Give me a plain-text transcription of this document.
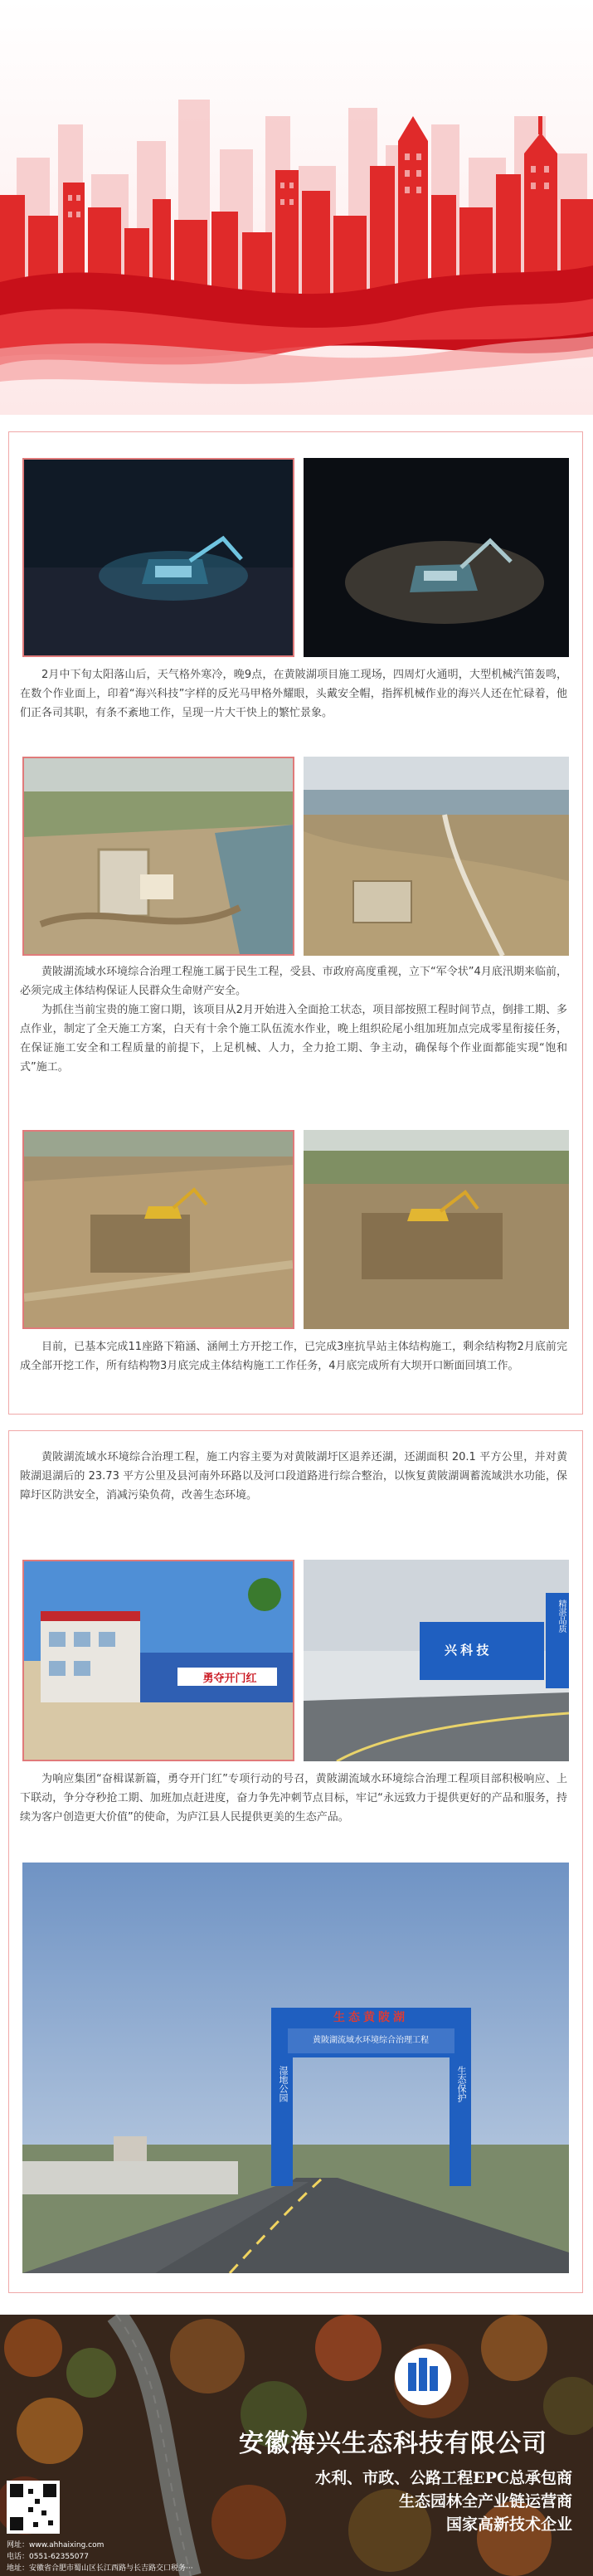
2月中下旬太阳落山后，天气格外寒冷，晚9点，在黄陂湖项目施工现场，四周灯火通明，大型机械汽笛轰鸣，在数个作业面上，印着“海兴科技”字样的反光马甲格外耀眼，头戴安全帽，指挥机械作业的海兴人还在忙碌着，他们正各司其职，有条不紊地工作，呈现一片大干快上的繁忙景象。

黄陂湖流域水环境综合治理工程施工属于民生工程，受县、市政府高度重视，立下“军令状”4月底汛期来临前，必须完成主体结构保证人民群众生命财产安全。

为抓住当前宝贵的施工窗口期，该项目从2月开始进入全面抢工状态，项目部按照工程时间节点，倒排工期、多点作业，制定了全天施工方案，白天有十余个施工队伍流水作业，晚上组织砼尾小组加班加点完成零星衔接任务，在保证施工安全和工程质量的前提下，上足机械、人力，全力抢工期、争主动，确保每个作业面都能实现“饱和式”施工。

目前，已基本完成11座路下箱涵、涵闸土方开挖工作，已完成3座抗旱站主体结构施工，剩余结构物2月底前完成全部开挖工作，所有结构物3月底完成主体结构施工工作任务，4月底完成所有大坝开口断面回填工作。

黄陂湖流域水环境综合治理工程，施工内容主要为对黄陂湖圩区退养还湖，还湖面积 20.1 平方公里，并对黄陂湖退湖后的 23.73 平方公里及县河南外环路以及河口段道路进行综合整治，以恢复黄陂湖调蓄流域洪水功能，保障圩区防洪安全，消减污染负荷，改善生态环境。

勇夺开门红
兴 科 技
精湛品质

为响应集团“奋楫谋新篇，勇夺开门红”专项行动的号召，黄陂湖流域水环境综合治理工程项目部积极响应、上下联动，争分夺秒抢工期、加班加点赶进度，奋力争先冲刺节点目标，牢记“永远致力于提供更好的产品和服务，持续为客户创造更大价值”的使命，为庐江县人民提供更美的生态产品。

生态黄陂湖
黄陂湖流域水环境综合治理工程
湿地公园	生态保护
安徽海兴生态科技有限公司
水利、市政、公路工程EPC总承包商
生态园林全产业链运营商
国家高新技术企业
网址：www.ahhaixing.com
电话：0551-62355077
地址：安徽省合肥市蜀山区长江西路与长吉路交口税务···
